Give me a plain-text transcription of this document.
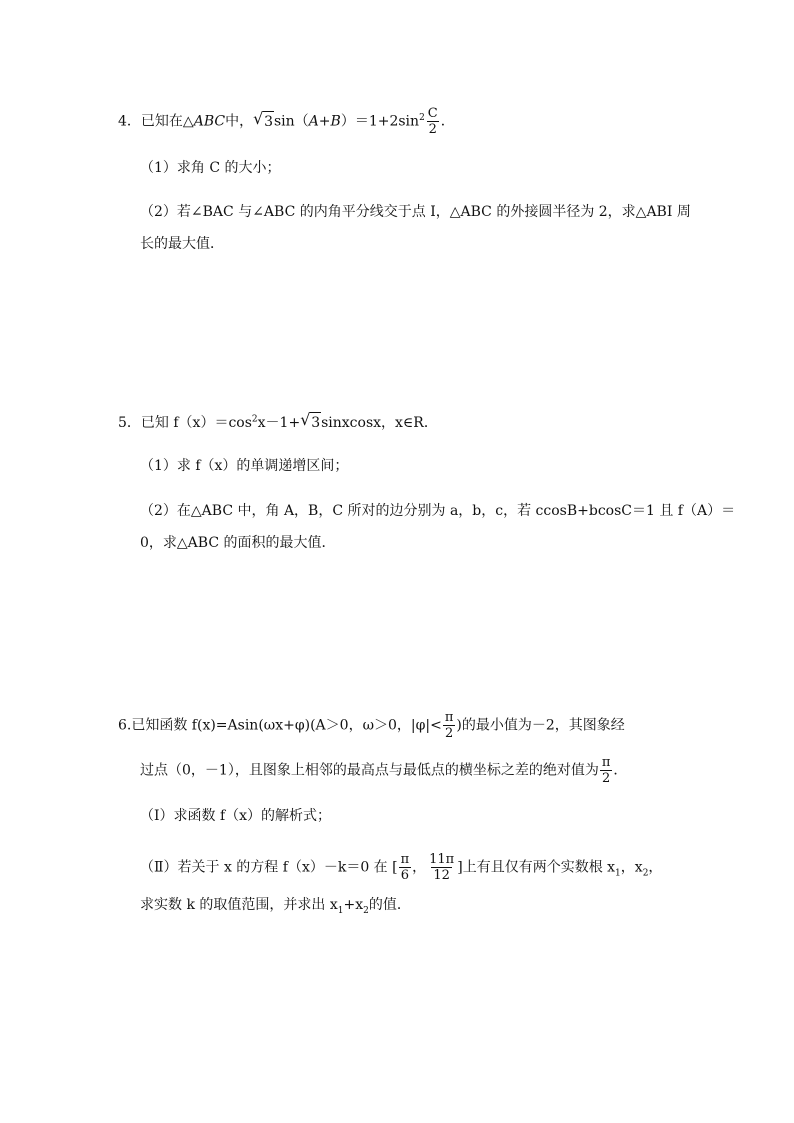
4．已知在△ABC中，√ $3\sin(A+B)=1+2\sin^2 \frac{C}{2}$ ．
（1）求角 C 的大小；
（2）若∠BAC 与∠ABC 的内角平分线交于点 I，△ABC 的外接圆半径为 2，求△ABI 周
长的最大值．
5．已知 $f(x)=\cos^2x-1+√$ 3sinxcosx，x∈R．
（1）求 f（x）的单调递增区间；
（2）在△ABC 中，角 A，B，C 所对的边分别为 a，b，c，若 ccosB+bcosC＝1 且 f（A）＝
0，求△ABC 的面积的最大值．
6.已知函数 f(x)=Asin(ωx+φ)(A＞0，ω＞0，$|\varphi|< \frac{\pi}{2}$ )的最小值为－2，其图象经
过点（0，－1），且图象上相邻的最高点与最低点的横坐标之差的绝对值为 $\frac{\pi}{2}$ ．
（Ⅰ）求函数 f（x）的解析式；
（Ⅱ）若关于 x 的方程 f（x）－k＝0 在 [ $\frac{\pi}{6}$ ， $\frac{11\pi}{12}$ ]上有且仅有两个实数根 $x_1$，$x_2$，
求实数 k 的取值范围，并求出 $x_1+x_2$的值．
